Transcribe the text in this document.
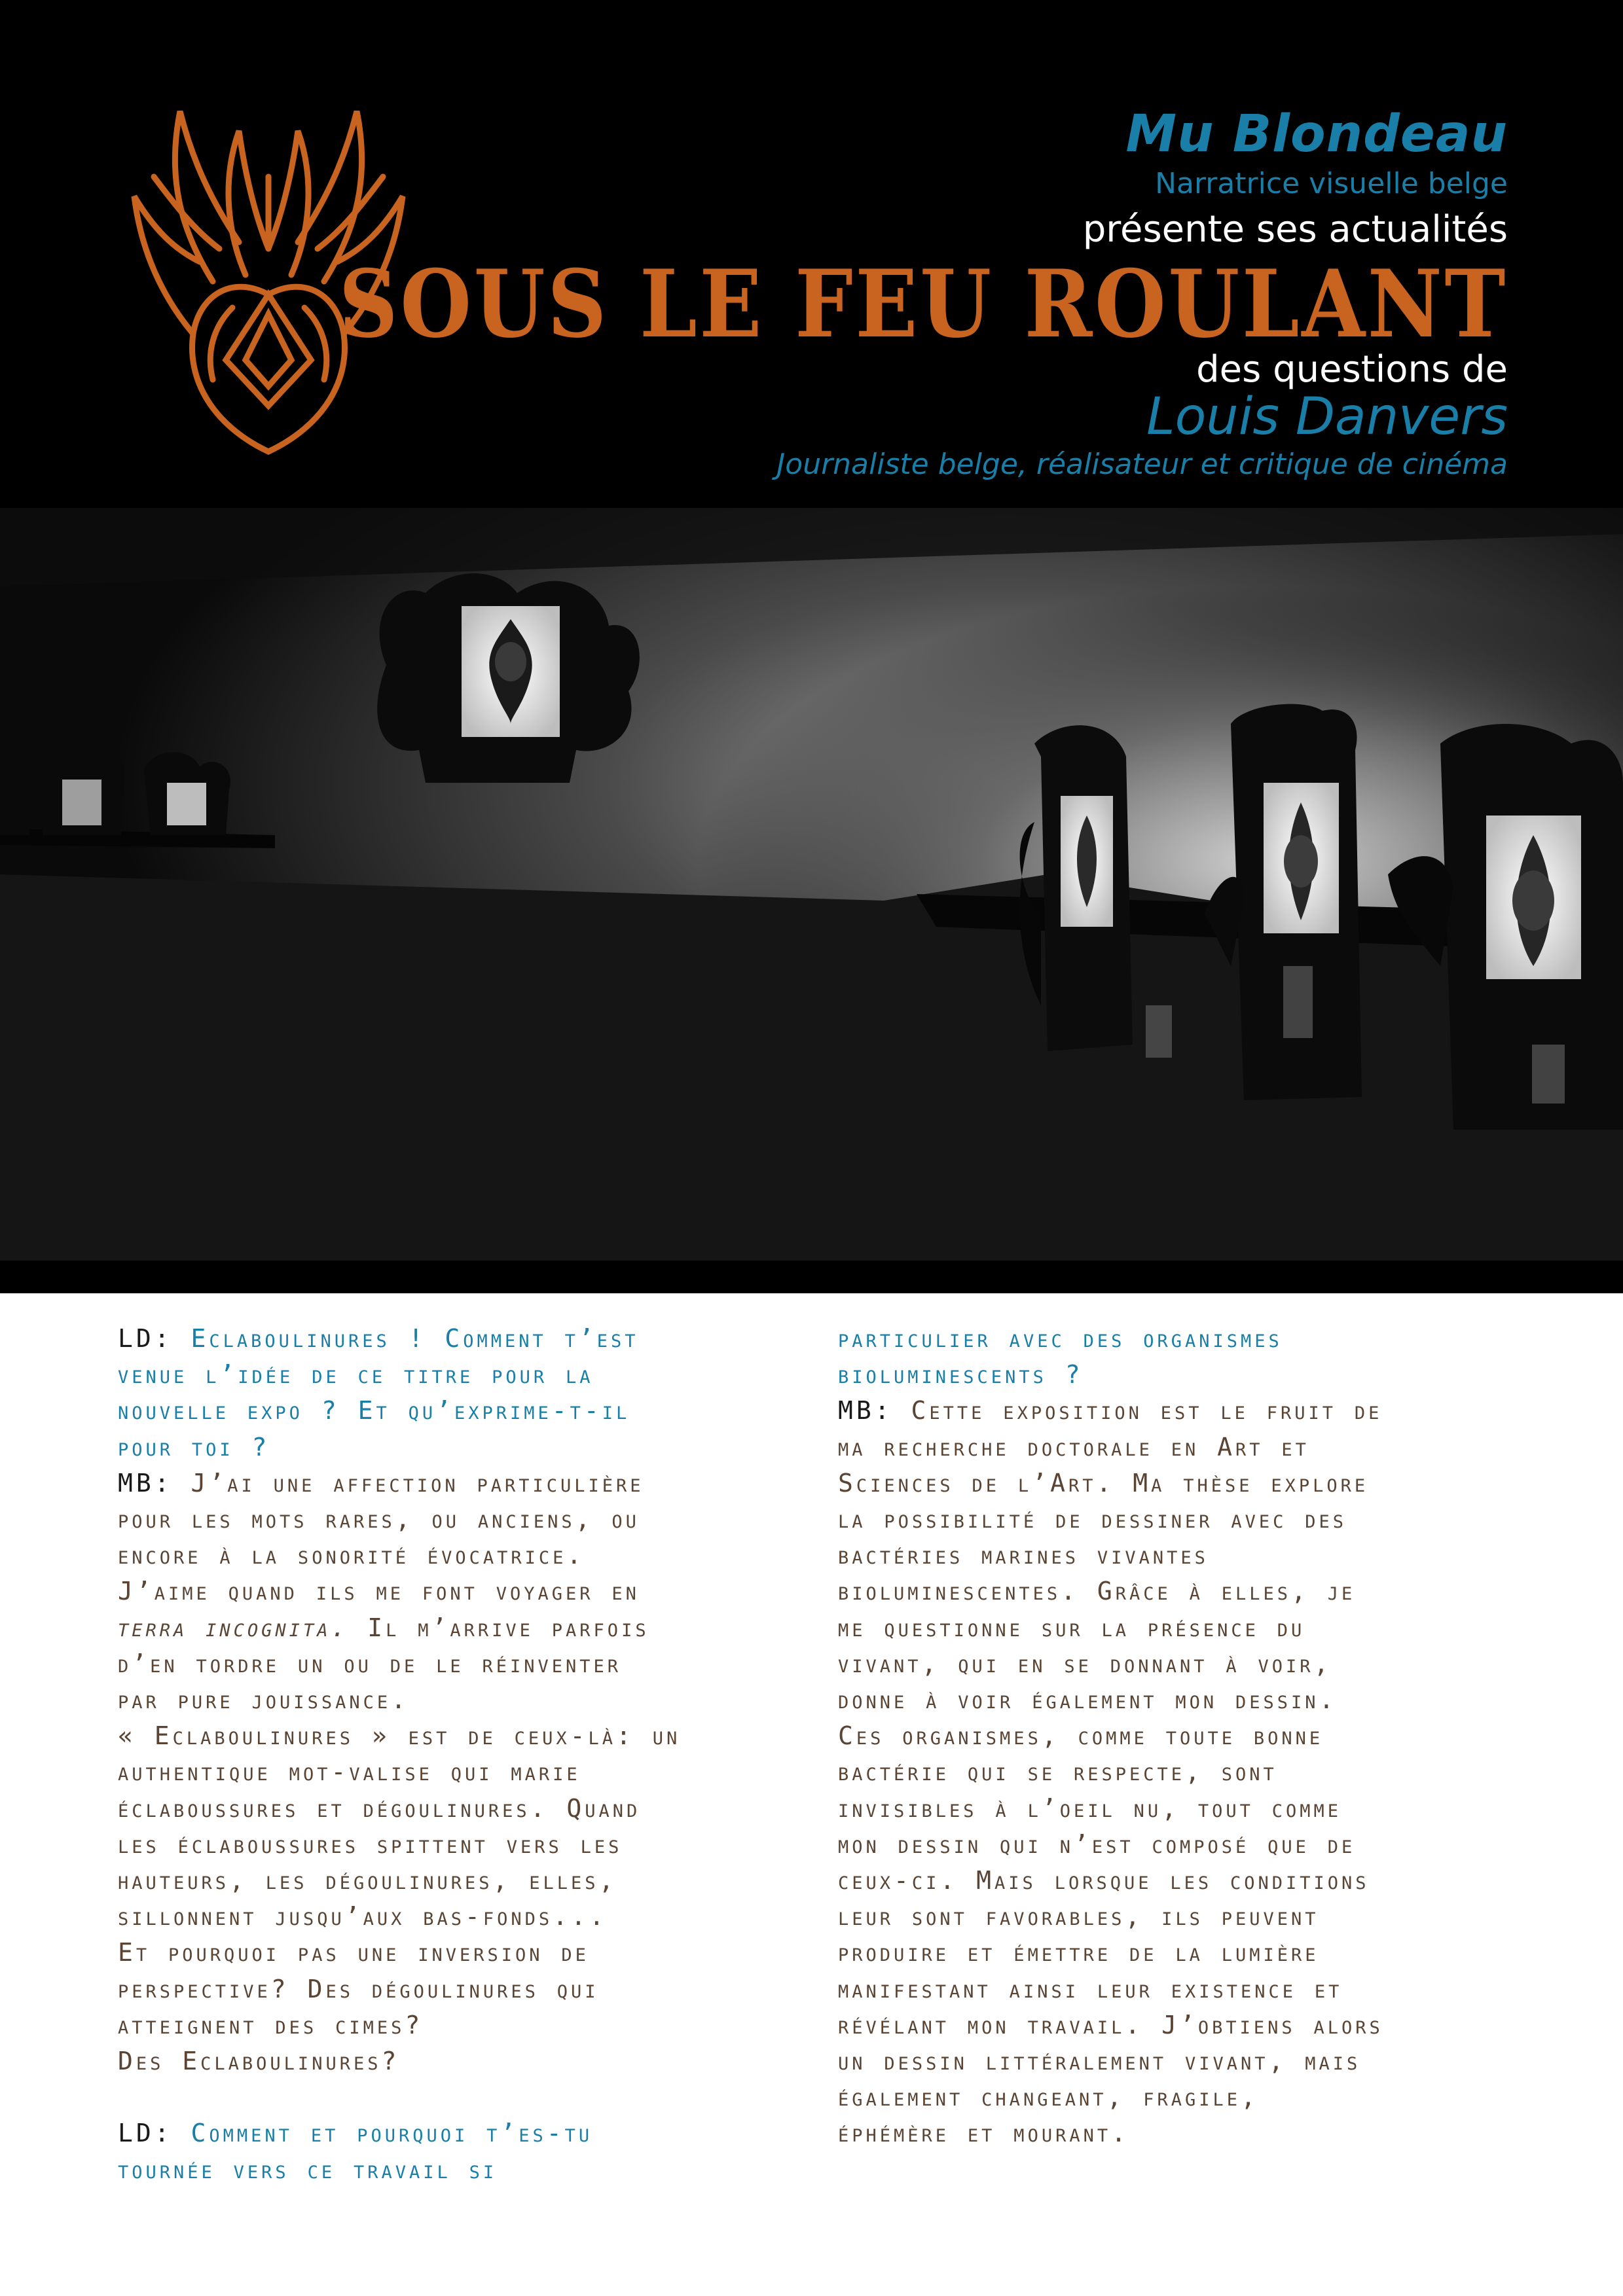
Mu Blondeau
Narratrice visuelle belge
présente ses actualités
SOUS LE FEU ROULANT
des questions de
Louis Danvers
Journaliste belge, réalisateur et critique de cinéma
LD: Eclaboulinures ! Comment t’est
venue l’idée de ce titre pour la
nouvelle expo ? Et qu’exprime-t-il
pour toi ?
MB: J’ai une affection particulière
pour les mots rares, ou anciens, ou
encore à la sonorité évocatrice.
J’aime quand ils me font voyager en
terra incognita. Il m’arrive parfois
d’en tordre un ou de le réinventer
par pure jouissance.
« Eclaboulinures » est de ceux-là: un
authentique mot-valise qui marie
éclaboussures et dégoulinures. Quand
les éclaboussures spittent vers les
hauteurs, les dégoulinures, elles,
sillonnent jusqu’aux bas-fonds...
Et pourquoi pas une inversion de
perspective? Des dégoulinures qui
atteignent des cimes?
Des Eclaboulinures?
LD: Comment et pourquoi t’es-tu
tournée vers ce travail si
particulier avec des organismes
bioluminescents ?
MB: Cette exposition est le fruit de
ma recherche doctorale en Art et
Sciences de l’Art. Ma thèse explore
la possibilité de dessiner avec des
bactéries marines vivantes
bioluminescentes. Grâce à elles, je
me questionne sur la présence du
vivant, qui en se donnant à voir,
donne à voir également mon dessin.
Ces organismes, comme toute bonne
bactérie qui se respecte, sont
invisibles à l’oeil nu, tout comme
mon dessin qui n’est composé que de
ceux-ci. Mais lorsque les conditions
leur sont favorables, ils peuvent
produire et émettre de la lumière
manifestant ainsi leur existence et
révélant mon travail. J’obtiens alors
un dessin littéralement vivant, mais
également changeant, fragile,
éphémère et mourant.
